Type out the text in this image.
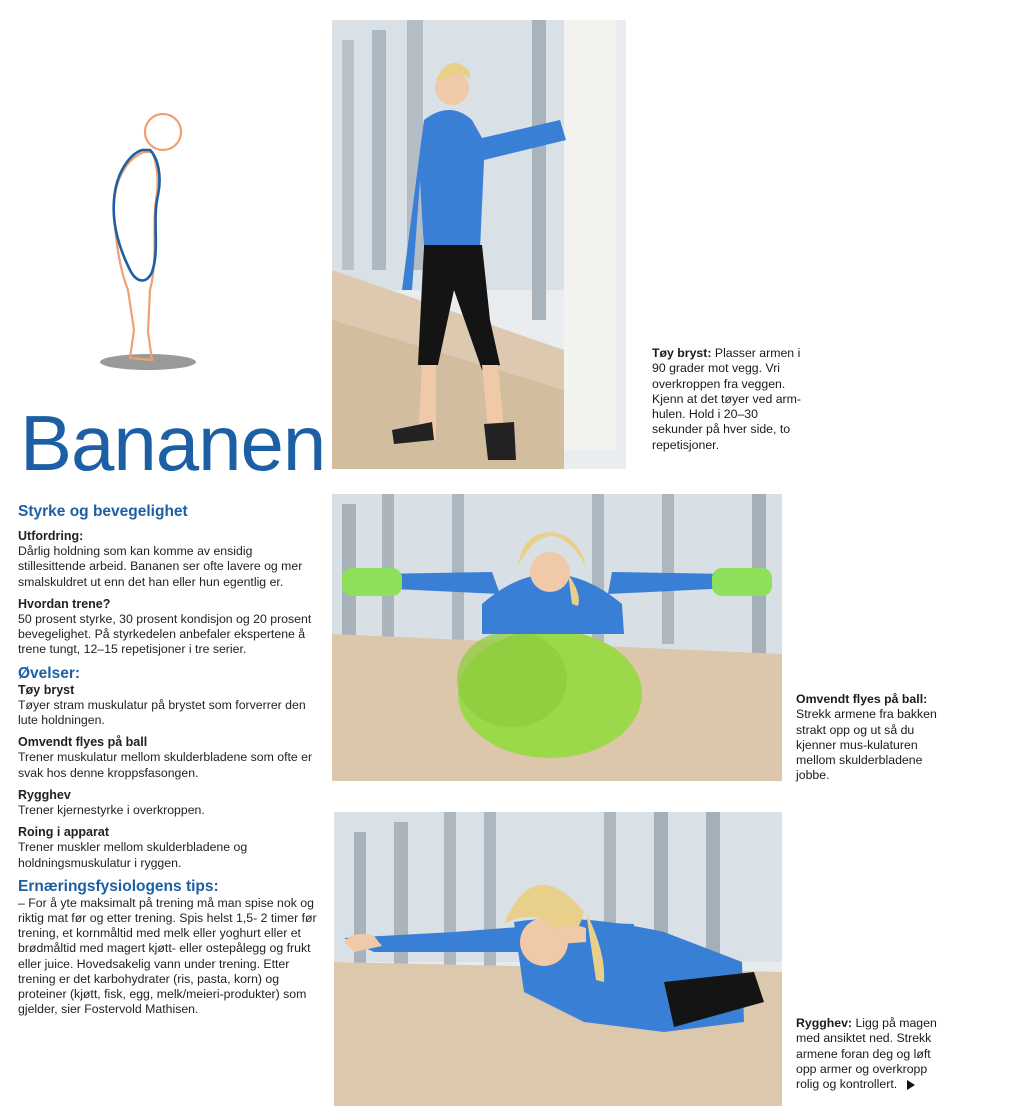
Bananen
Styrke og bevegelighet

Utfordring:

Dårlig holdning som kan komme av ensidig stillesittende arbeid. Bananen ser ofte lavere og mer smalskuldret ut enn det han eller hun egentlig er.

Hvordan trene?

50 prosent styrke, 30 prosent kondisjon og 20 prosent bevegelighet. På styrkedelen anbefaler ekspertene å trene tungt, 12–15 repetisjoner i tre serier.

Øvelser:

Tøy bryst

Tøyer stram muskulatur på brystet som forverrer den lute holdningen.

Omvendt flyes på ball

Trener muskulatur mellom skulderbladene som ofte er svak hos denne kroppsfasongen.

Rygghev

Trener kjernestyrke i overkroppen.

Roing i apparat

Trener muskler mellom skulderbladene og holdningsmuskulatur i ryggen.

Ernæringsfysiologens tips:

– For å yte maksimalt på trening må man spise nok og riktig mat før og etter trening. Spis helst 1,5- 2 timer før trening, et kornmåltid med melk eller yoghurt eller et brødmåltid med magert kjøtt- eller ostepålegg og frukt eller juice. Hovedsakelig vann under trening. Etter trening er det karbohydrater (ris, pasta, korn) og proteiner (kjøtt, fisk, egg, melk/meieri-produkter) som gjelder, sier Fostervold Mathisen.

Tøy bryst: Plasser armen i 90 grader mot vegg. Vri overkroppen fra veggen. Kjenn at det tøyer ved arm-hulen. Hold i 20–30 sekunder på hver side, to repetisjoner.
Omvendt flyes på ball:
Strekk armene fra bakken strakt opp og ut så du kjenner mus-kulaturen mellom skulderbladene jobbe.
Rygghev: Ligg på magen med ansiktet ned. Strekk armene foran deg og løft opp armer og overkropp rolig og kontrollert.
